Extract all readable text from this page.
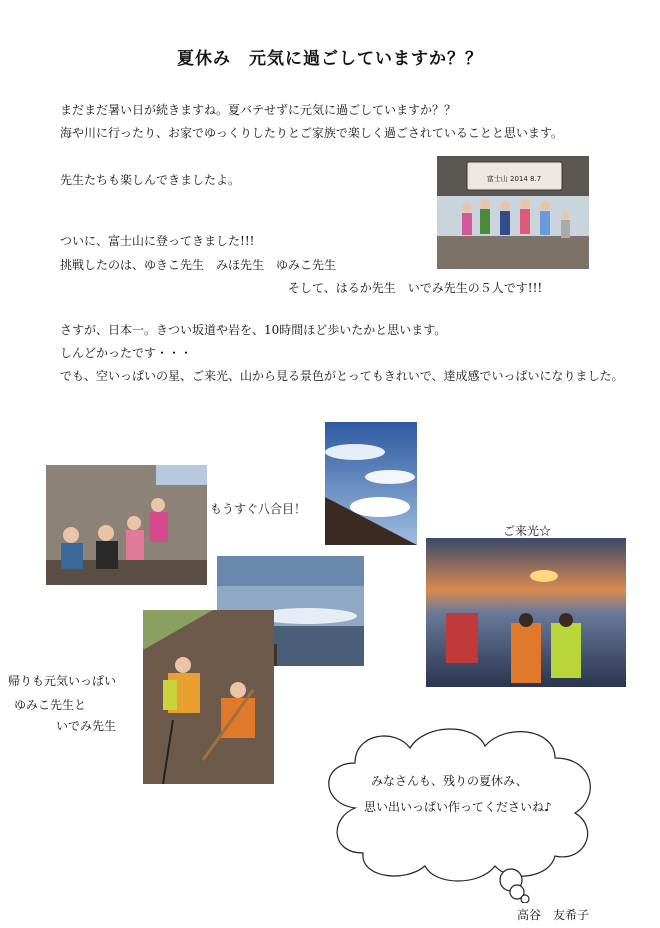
夏休み　元気に過ごしていますか？？
まだまだ暑い日が続きますね。夏バテせずに元気に過ごしていますか？？
海や川に行ったり、お家でゆっくりしたりとご家族で楽しく過ごされていることと思います。
先生たちも楽しんできましたよ。
ついに、富士山に登ってきました!!!
挑戦したのは、ゆきこ先生　みほ先生　ゆみこ先生
そして、はるか先生　いでみ先生の５人です!!!
さすが、日本一。きつい坂道や岩を、10時間ほど歩いたかと思います。
しんどかったです・・・
でも、空いっぱいの星、ご来光、山から見る景色がとってもきれいで、達成感でいっぱいになりました。
富士山 2014 8.7
もうすぐ八合目！
ご来光☆
帰りも元気いっぱい
ゆみこ先生と
いでみ先生
みなさんも、残りの夏休み、
思い出いっぱい作ってくださいね♪
高谷　友希子
